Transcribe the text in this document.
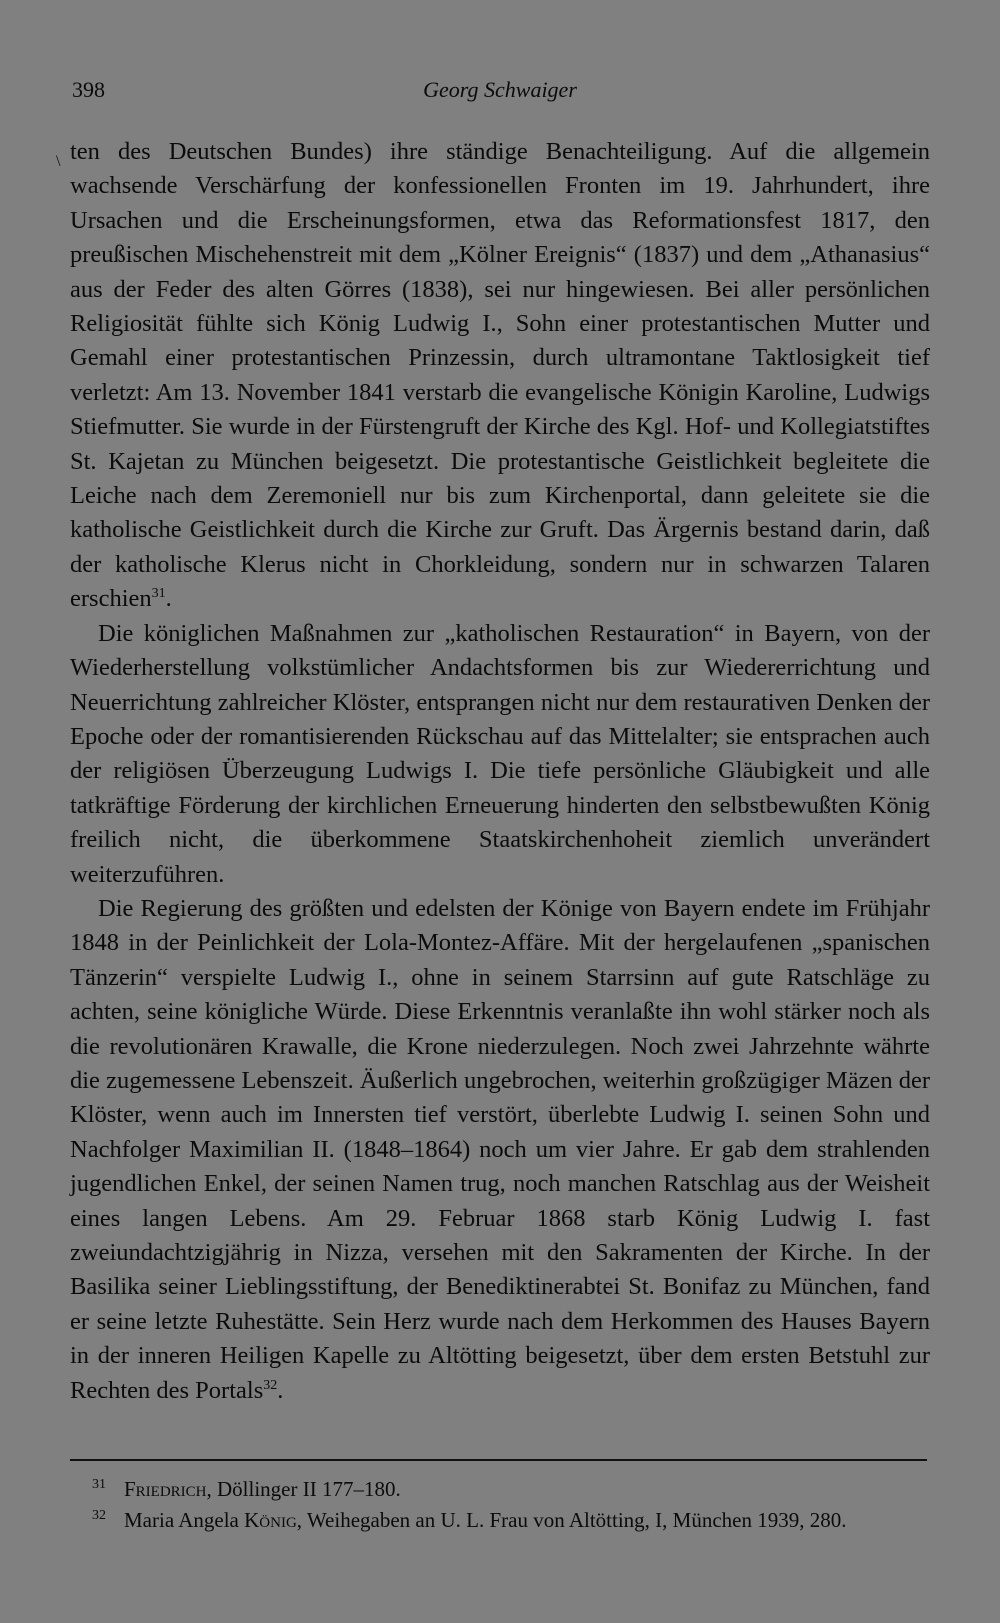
398	Georg Schwaiger
\ ten des Deutschen Bundes) ihre ständige Benachteiligung. Auf die allgemein wachsende Verschärfung der konfessionellen Fronten im 19. Jahrhundert, ihre Ursachen und die Erscheinungsformen, etwa das Reformationsfest 1817, den preußischen Mischehenstreit mit dem „Kölner Ereignis“ (1837) und dem „Athanasius“ aus der Feder des alten Görres (1838), sei nur hingewiesen. Bei aller persönlichen Religiosität fühlte sich König Ludwig I., Sohn einer protestantischen Mutter und Gemahl einer protestantischen Prinzessin, durch ultramontane Taktlosigkeit tief verletzt: Am 13. November 1841 verstarb die evangelische Königin Karoline, Ludwigs Stiefmutter. Sie wurde in der Fürstengruft der Kirche des Kgl. Hof- und Kollegiatstiftes St. Kajetan zu München beigesetzt. Die protestantische Geistlichkeit begleitete die Leiche nach dem Zeremoniell nur bis zum Kirchenportal, dann geleitete sie die katholische Geistlichkeit durch die Kirche zur Gruft. Das Ärgernis bestand darin, daß der katholische Klerus nicht in Chorkleidung, sondern nur in schwarzen Talaren erschien$^{31}$.

Die königlichen Maßnahmen zur „katholischen Restauration“ in Bayern, von der Wiederherstellung volkstümlicher Andachtsformen bis zur Wiedererrichtung und Neuerrichtung zahlreicher Klöster, entsprangen nicht nur dem restaurativen Denken der Epoche oder der romantisierenden Rückschau auf das Mittelalter; sie entsprachen auch der religiösen Überzeugung Ludwigs I. Die tiefe persönliche Gläubigkeit und alle tatkräftige Förderung der kirchlichen Erneuerung hinderten den selbstbewußten König freilich nicht, die überkommene Staatskirchenhoheit ziemlich unverändert weiterzuführen.

Die Regierung des größten und edelsten der Könige von Bayern endete im Frühjahr 1848 in der Peinlichkeit der Lola-Montez-Affäre. Mit der hergelaufenen „spanischen Tänzerin“ verspielte Ludwig I., ohne in seinem Starrsinn auf gute Ratschläge zu achten, seine königliche Würde. Diese Erkenntnis veranlaßte ihn wohl stärker noch als die revolutionären Krawalle, die Krone niederzulegen. Noch zwei Jahrzehnte währte die zugemessene Lebenszeit. Äußerlich ungebrochen, weiterhin großzügiger Mäzen der Klöster, wenn auch im Innersten tief verstört, überlebte Ludwig I. seinen Sohn und Nachfolger Maximilian II. (1848–1864) noch um vier Jahre. Er gab dem strahlenden jugendlichen Enkel, der seinen Namen trug, noch manchen Ratschlag aus der Weisheit eines langen Lebens. Am 29. Februar 1868 starb König Ludwig I. fast zweiundachtzigjährig in Nizza, versehen mit den Sakramenten der Kirche. In der Basilika seiner Lieblingsstiftung, der Benediktinerabtei St. Bonifaz zu München, fand er seine letzte Ruhestätte. Sein Herz wurde nach dem Herkommen des Hauses Bayern in der inneren Heiligen Kapelle zu Altötting beigesetzt, über dem ersten Betstuhl zur Rechten des Portals$^{32}$.

31 Friedrich, Döllinger II 177–180.
32 Maria Angela König, Weihegaben an U. L. Frau von Altötting, I, München 1939, 280.
